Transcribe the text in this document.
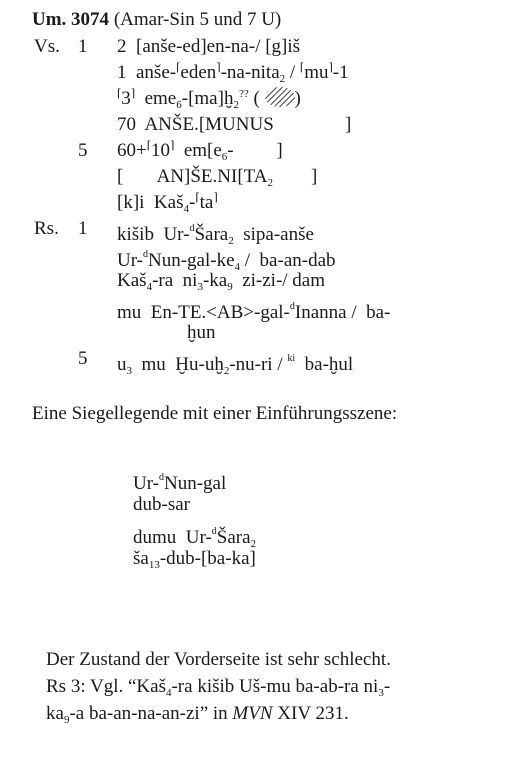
Um. 3074 (Amar-Sin 5 und 7 U)
Vs. 1 2  [anše-ed]en-na-/ [g]iš
1  anše-⌈eden⌉-na-nita$_2$ / ⌈mu⌉-1
⌈3⌉  eme$_6$-[ma]ḫ$_2$?? ( )
70  ANŠE.[MUNUS               ]
5 60+⌈10⌉  $em[e_6-$         ]
[       $AN]ŠE.NI[TA_2$        ]
[k]i  Kaš$_4$-⌈ta⌉
Rs. 1 kišib  Ur-$^d$Šara$_2$  sipa-anše
$Ur-^dNun-gal-ke_4 / ba-an-dab$
Kaš$_4$-ra  $ni_3-ka_9$  zi-zi-/ dam
mu  En-TE.<AB>-gal-$^d$Inanna /  ba-
ḫun
5 $u_3$  mu  Ḫu-uḫ$_2$-nu-ri / $^{ki}$  ba-ḫul
Eine Siegellegende mit einer Einführungsszene:
Ur-$^d$Nun-gal
dub-sar
dumu  Ur-$^d$Šara$_2$
$ša_{13}-dub-[ba-ka]$
Der Zustand der Vorderseite ist sehr schlecht.
Rs 3: Vgl. “Kaš$_4$-ra kišib Uš-mu ba-ab-ra $ni_3-$
$ka_9-a$ ba-an-na-an-zi” in MVN XIV 231.
